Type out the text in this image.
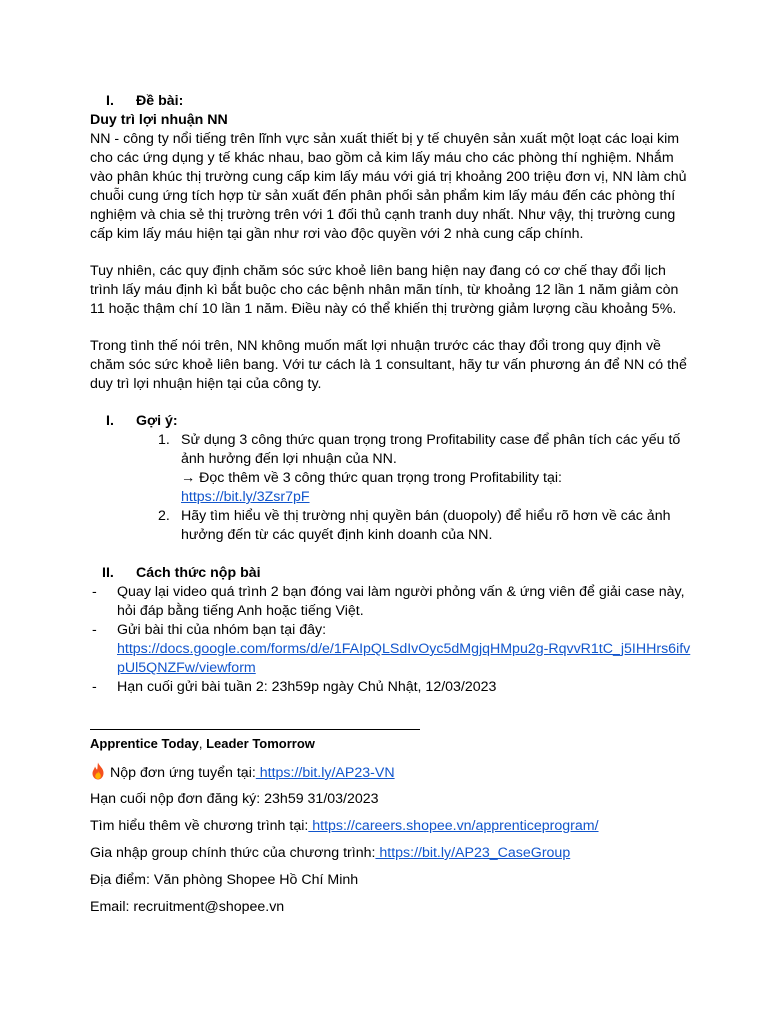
I. Đề bài:
Duy trì lợi nhuận NN
NN - công ty nổi tiếng trên lĩnh vực sản xuất thiết bị y tế chuyên sản xuất một loạt các loại kim
cho các ứng dụng y tế khác nhau, bao gồm cả kim lấy máu cho các phòng thí nghiệm. Nhắm
vào phân khúc thị trường cung cấp kim lấy máu với giá trị khoảng 200 triệu đơn vị, NN làm chủ
chuỗi cung ứng tích hợp từ sản xuất đến phân phối sản phẩm kim lấy máu đến các phòng thí
nghiệm và chia sẻ thị trường trên với 1 đối thủ cạnh tranh duy nhất. Như vậy, thị trường cung
cấp kim lấy máu hiện tại gần như rơi vào độc quyền với 2 nhà cung cấp chính.
Tuy nhiên, các quy định chăm sóc sức khoẻ liên bang hiện nay đang có cơ chế thay đổi lịch
trình lấy máu định kì bắt buộc cho các bệnh nhân mãn tính, từ khoảng 12 lần 1 năm giảm còn
11 hoặc thậm chí 10 lần 1 năm. Điều này có thể khiến thị trường giảm lượng cầu khoảng 5%.
Trong tình thế nói trên, NN không muốn mất lợi nhuận trước các thay đổi trong quy định về
chăm sóc sức khoẻ liên bang. Với tư cách là 1 consultant, hãy tư vấn phương án để NN có thể
duy trì lợi nhuận hiện tại của công ty.
I. Gợi ý:
1. Sử dụng 3 công thức quan trọng trong Profitability case để phân tích các yếu tố
ảnh hưởng đến lợi nhuận của NN.
→ Đọc thêm về 3 công thức quan trọng trong Profitability tại:
https://bit.ly/3Zsr7pF
2. Hãy tìm hiểu về thị trường nhị quyền bán (duopoly) để hiểu rõ hơn về các ảnh
hưởng đến từ các quyết định kinh doanh của NN.
II. Cách thức nộp bài
- Quay lại video quá trình 2 bạn đóng vai làm người phỏng vấn & ứng viên để giải case này,
hỏi đáp bằng tiếng Anh hoặc tiếng Việt.
- Gửi bài thi của nhóm bạn tại đây:
https://docs.google.com/forms/d/e/1FAIpQLSdIvOyc5dMgjqHMpu2g-RqvvR1tC_j5IHHrs6ifv
pUl5QNZFw/viewform
- Hạn cuối gửi bài tuần 2: 23h59p ngày Chủ Nhật, 12/03/2023
Apprentice Today, Leader Tomorrow
Nộp đơn ứng tuyển tại: https://bit.ly/AP23-VN
Hạn cuối nộp đơn đăng ký: 23h59 31/03/2023
Tìm hiểu thêm về chương trình tại: https://careers.shopee.vn/apprenticeprogram/
Gia nhập group chính thức của chương trình: https://bit.ly/AP23_CaseGroup
Địa điểm: Văn phòng Shopee Hồ Chí Minh
Email: recruitment@shopee.vn
